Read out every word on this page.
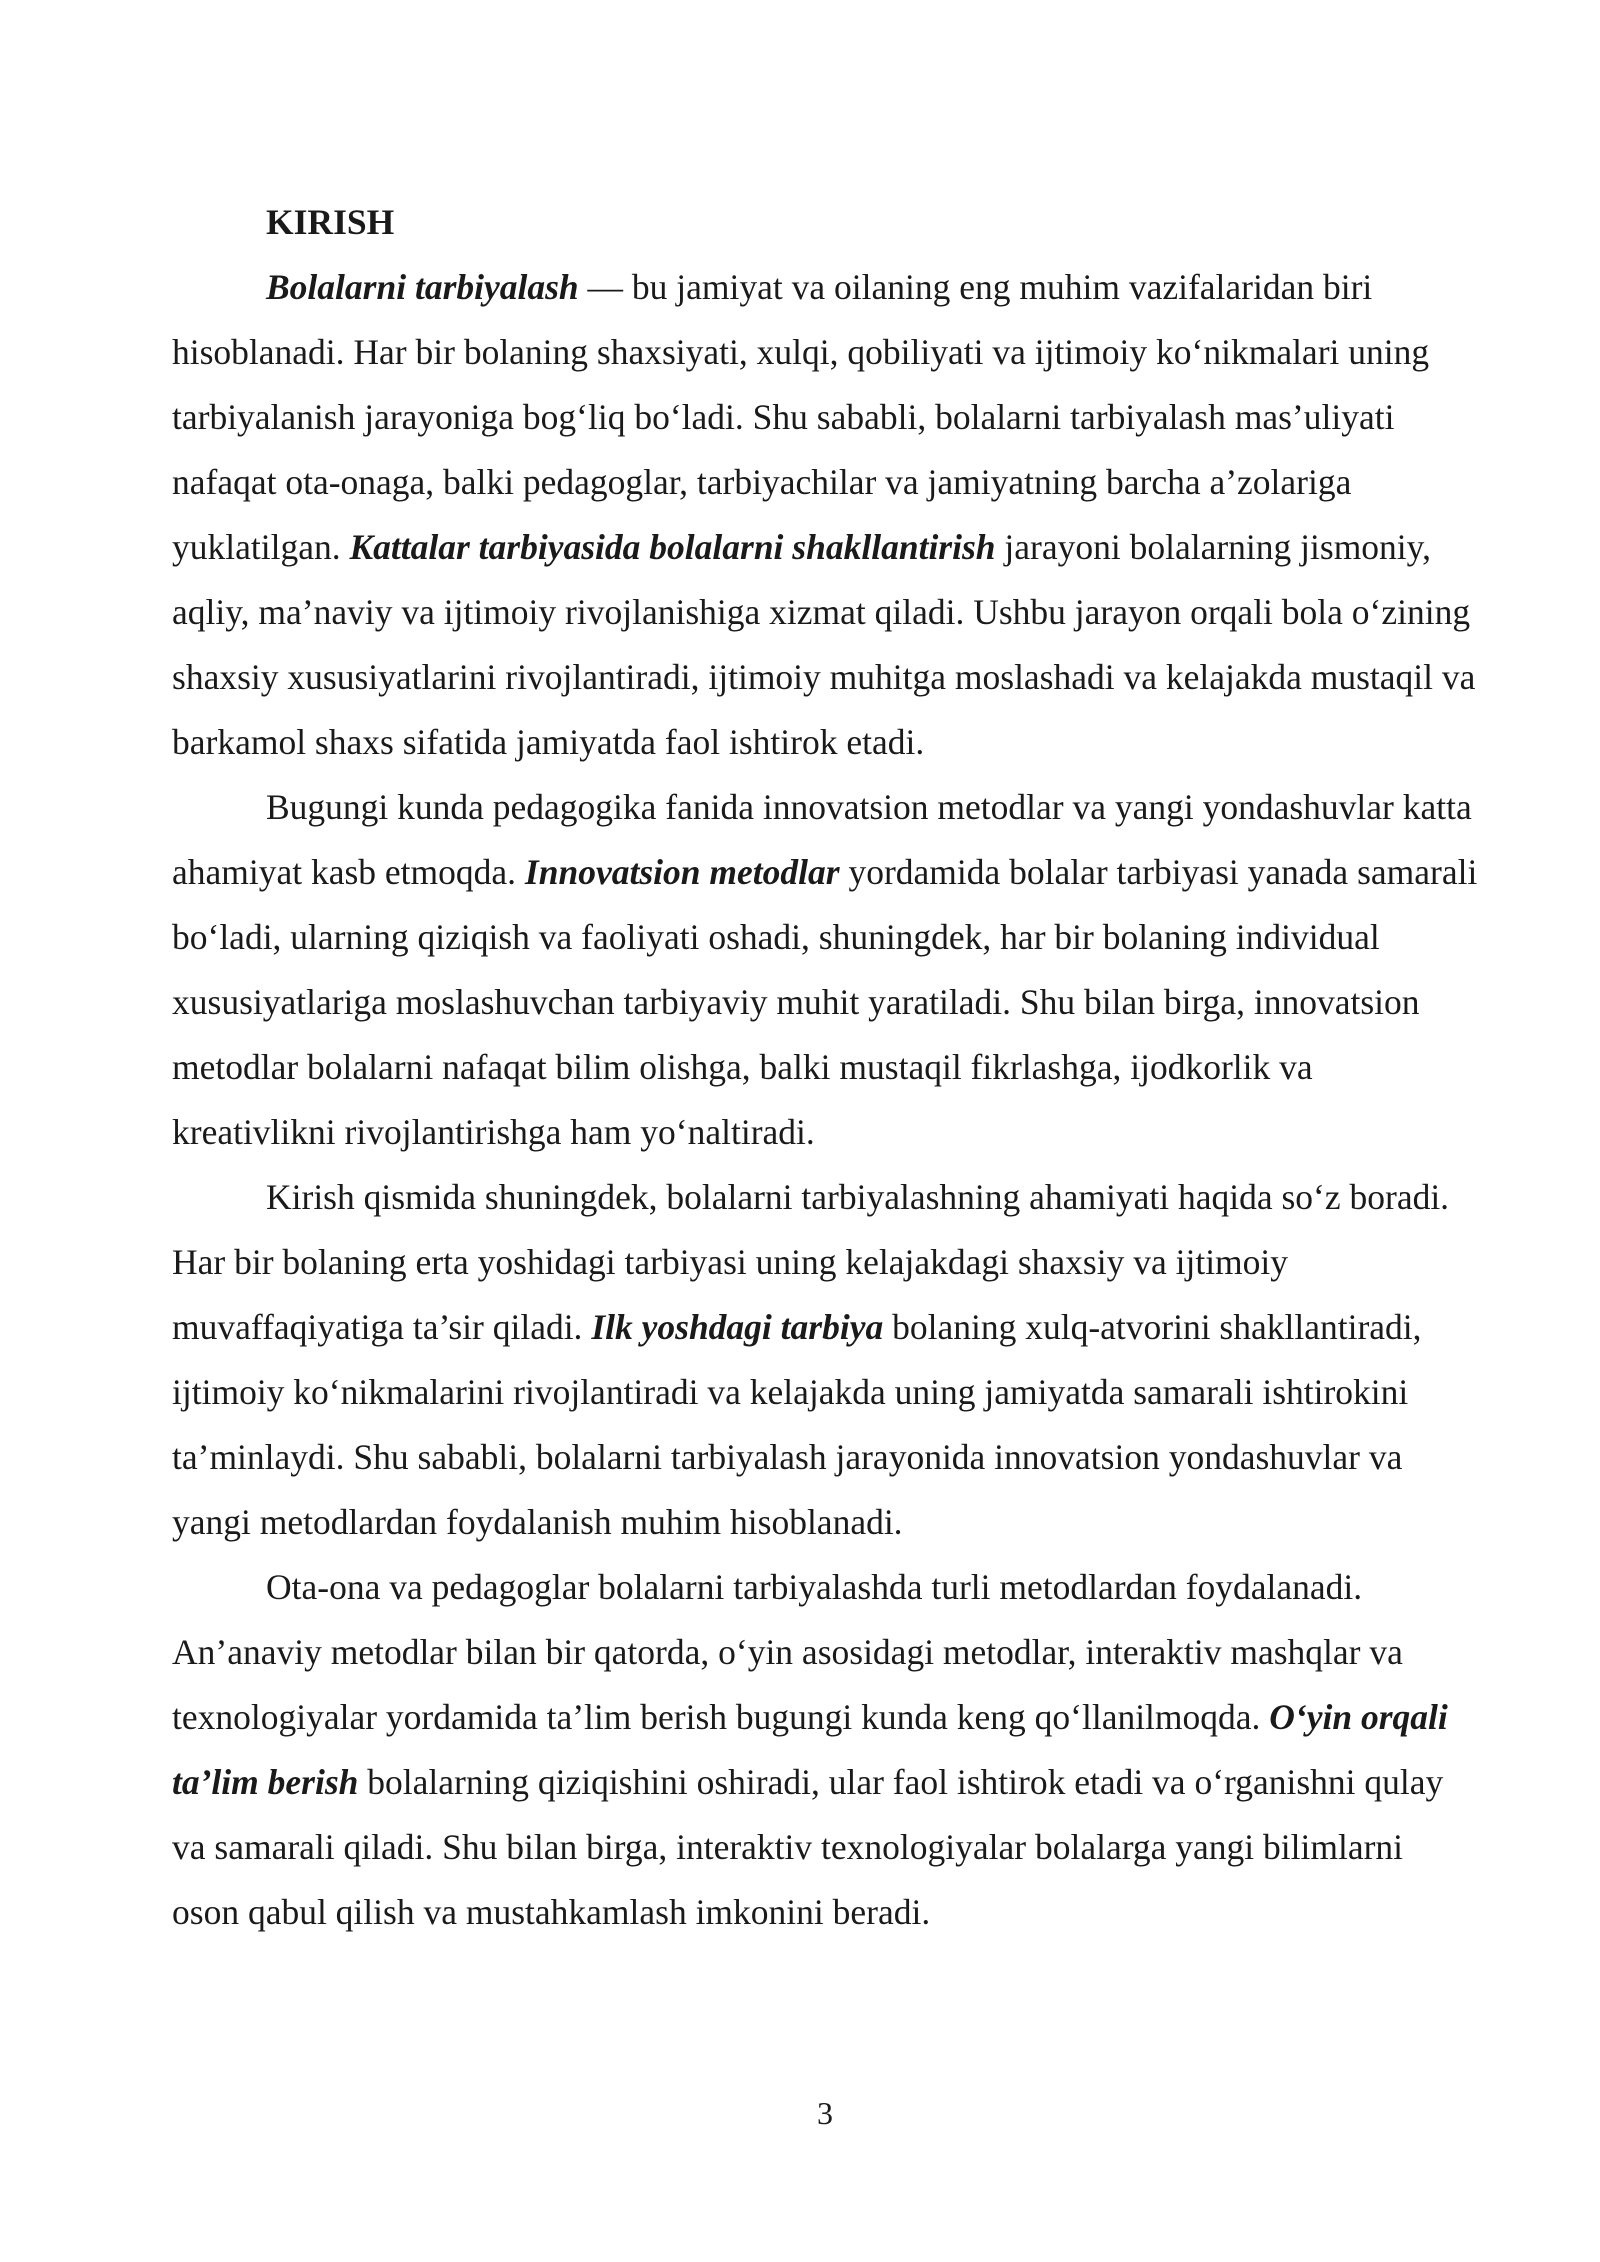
KIRISH

Bolalarni tarbiyalash — bu jamiyat va oilaning eng muhim vazifalaridan biri hisoblanadi. Har bir bolaning shaxsiyati, xulqi, qobiliyati va ijtimoiy ko‘nikmalari uning tarbiyalanish jarayoniga bog‘liq bo‘ladi. Shu sababli, bolalarni tarbiyalash mas’uliyati nafaqat ota-onaga, balki pedagoglar, tarbiyachilar va jamiyatning barcha a’zolariga yuklatilgan. Kattalar tarbiyasida bolalarni shakllantirish jarayoni bolalarning jismoniy, aqliy, ma’naviy va ijtimoiy rivojlanishiga xizmat qiladi. Ushbu jarayon orqali bola o‘zining shaxsiy xususiyatlarini rivojlantiradi, ijtimoiy muhitga moslashadi va kelajakda mustaqil va barkamol shaxs sifatida jamiyatda faol ishtirok etadi.

Bugungi kunda pedagogika fanida innovatsion metodlar va yangi yondashuvlar katta ahamiyat kasb etmoqda. Innovatsion metodlar yordamida bolalar tarbiyasi yanada samarali bo‘ladi, ularning qiziqish va faoliyati oshadi, shuningdek, har bir bolaning individual xususiyatlariga moslashuvchan tarbiyaviy muhit yaratiladi. Shu bilan birga, innovatsion metodlar bolalarni nafaqat bilim olishga, balki mustaqil fikrlashga, ijodkorlik va kreativlikni rivojlantirishga ham yo‘naltiradi.

Kirish qismida shuningdek, bolalarni tarbiyalashning ahamiyati haqida so‘z boradi. Har bir bolaning erta yoshidagi tarbiyasi uning kelajakdagi shaxsiy va ijtimoiy muvaffaqiyatiga ta’sir qiladi. Ilk yoshdagi tarbiya bolaning xulq-atvorini shakllantiradi, ijtimoiy ko‘nikmalarini rivojlantiradi va kelajakda uning jamiyatda samarali ishtirokini ta’minlaydi. Shu sababli, bolalarni tarbiyalash jarayonida innovatsion yondashuvlar va yangi metodlardan foydalanish muhim hisoblanadi.

Ota-ona va pedagoglar bolalarni tarbiyalashda turli metodlardan foydalanadi. An’anaviy metodlar bilan bir qatorda, o‘yin asosidagi metodlar, interaktiv mashqlar va texnologiyalar yordamida ta’lim berish bugungi kunda keng qo‘llanilmoqda. O‘yin orqali ta’lim berish bolalarning qiziqishini oshiradi, ular faol ishtirok etadi va o‘rganishni qulay va samarali qiladi. Shu bilan birga, interaktiv texnologiyalar bolalarga yangi bilimlarni oson qabul qilish va mustahkamlash imkonini beradi.

3
